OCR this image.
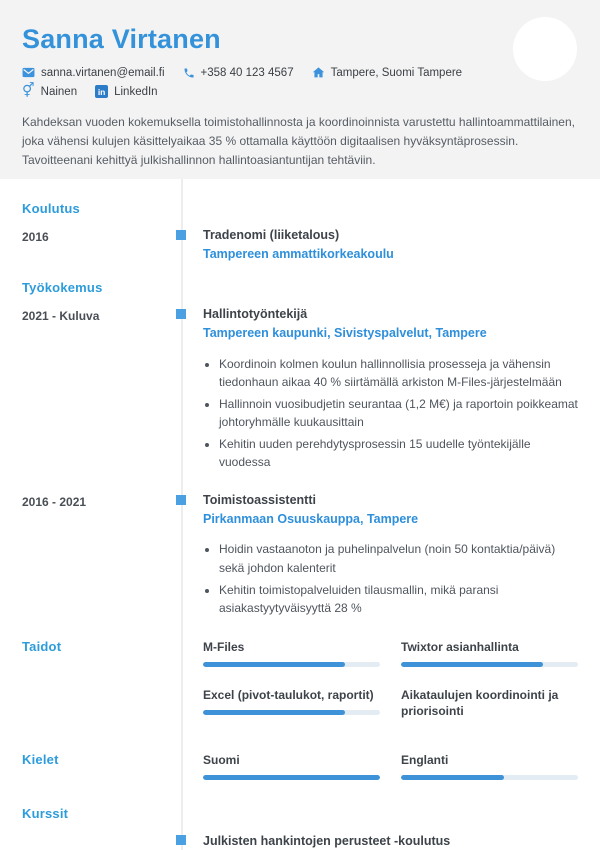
Sanna Virtanen
sanna.virtanen@email.fi	+358 40 123 4567	Tampere, Suomi Tampere
⚥ Nainen	in LinkedIn

Kahdeksan vuoden kokemuksella toimistohallinnosta ja koordinoinnista varustettu hallintoammattilainen, joka vähensi kulujen käsittelyaikaa 35 % ottamalla käyttöön digitaalisen hyväksyntäprosessin. Tavoitteenani kehittyä julkishallinnon hallintoasiantuntijan tehtäviin.

Koulutus
2016	Tradenomi (liiketalous)
Tampereen ammattikorkeakoulu
Työkokemus
2021 - Kuluva	Hallintotyöntekijä
Tampereen kaupunki, Sivistyspalvelut, Tampere
• Koordinoin kolmen koulun hallinnollisia prosesseja ja vähensin tiedonhaun aikaa 40 % siirtämällä arkiston M-Files-järjestelmään
• Hallinnoin vuosibudjetin seurantaa (1,2 M€) ja raportoin poikkeamat johtoryhmälle kuukausittain
• Kehitin uuden perehdytysprosessin 15 uudelle työntekijälle vuodessa
2016 - 2021	Toimistoassistentti
Pirkanmaan Osuuskauppa, Tampere
• Hoidin vastaanoton ja puhelinpalvelun (noin 50 kontaktia/päivä) sekä johdon kalenterit
• Kehitin toimistopalveluiden tilausmallin, mikä paransi asiakastyytyväisyyttä 28 %
Taidot	M-Files	Twixtor asianhallinta
Excel (pivot-taulukot, raportit)	Aikataulujen koordinointi ja priorisointi
Kielet	Suomi	Englanti
Kurssit
Julkisten hankintojen perusteet -koulutus
